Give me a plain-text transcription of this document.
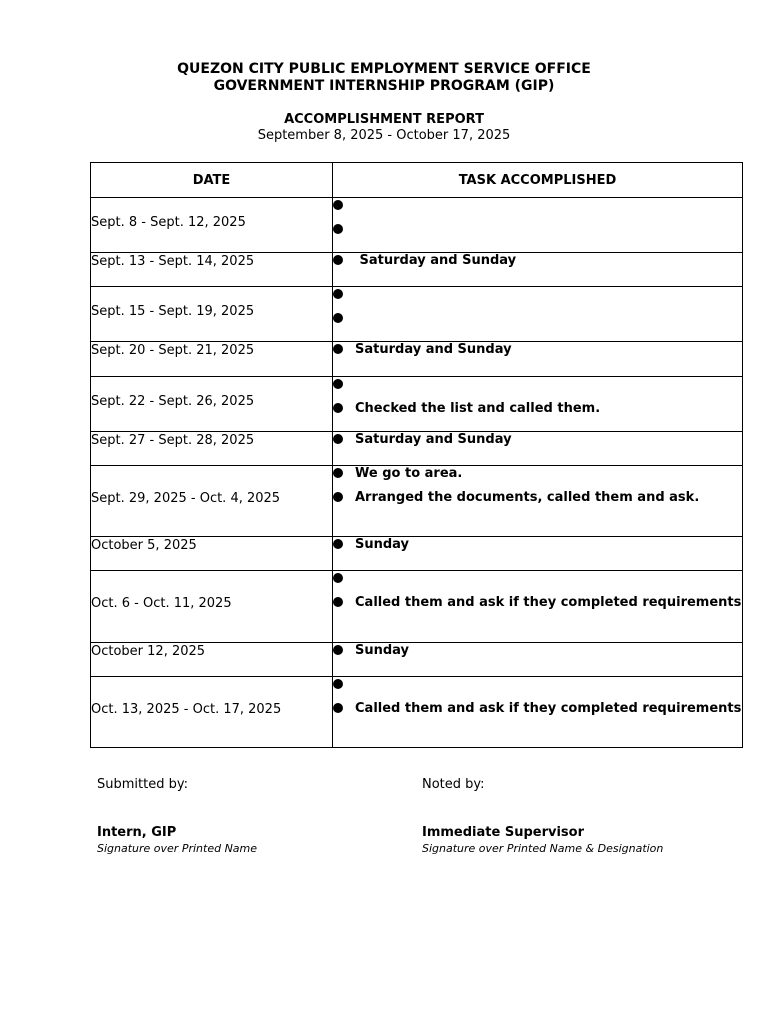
QUEZON CITY PUBLIC EMPLOYMENT SERVICE OFFICE
GOVERNMENT INTERNSHIP PROGRAM (GIP)
ACCOMPLISHMENT REPORT
September 8, 2025 - October 17, 2025
DATE	TASK ACCOMPLISHED

Sept. 8 - Sept. 12, 2025	

Sept. 13 - Sept. 14, 2025	Saturday and Sunday

Sept. 15 - Sept. 19, 2025	

Sept. 20 - Sept. 21, 2025	Saturday and Sunday

Sept. 22 - Sept. 26, 2025	Checked the list and called them.

Sept. 27 - Sept. 28, 2025	Saturday and Sunday

Sept. 29, 2025 - Oct. 4, 2025	We go to area.
Arranged the documents, called them and ask.

October 5, 2025	Sunday

Oct. 6 - Oct. 11, 2025	Called them and ask if they completed requirements

October 12, 2025	Sunday

Oct. 13, 2025 - Oct. 17, 2025	Called them and ask if they completed requirements
Submitted by:
Intern, GIP
Signature over Printed Name
Noted by:
Immediate Supervisor
Signature over Printed Name & Designation
